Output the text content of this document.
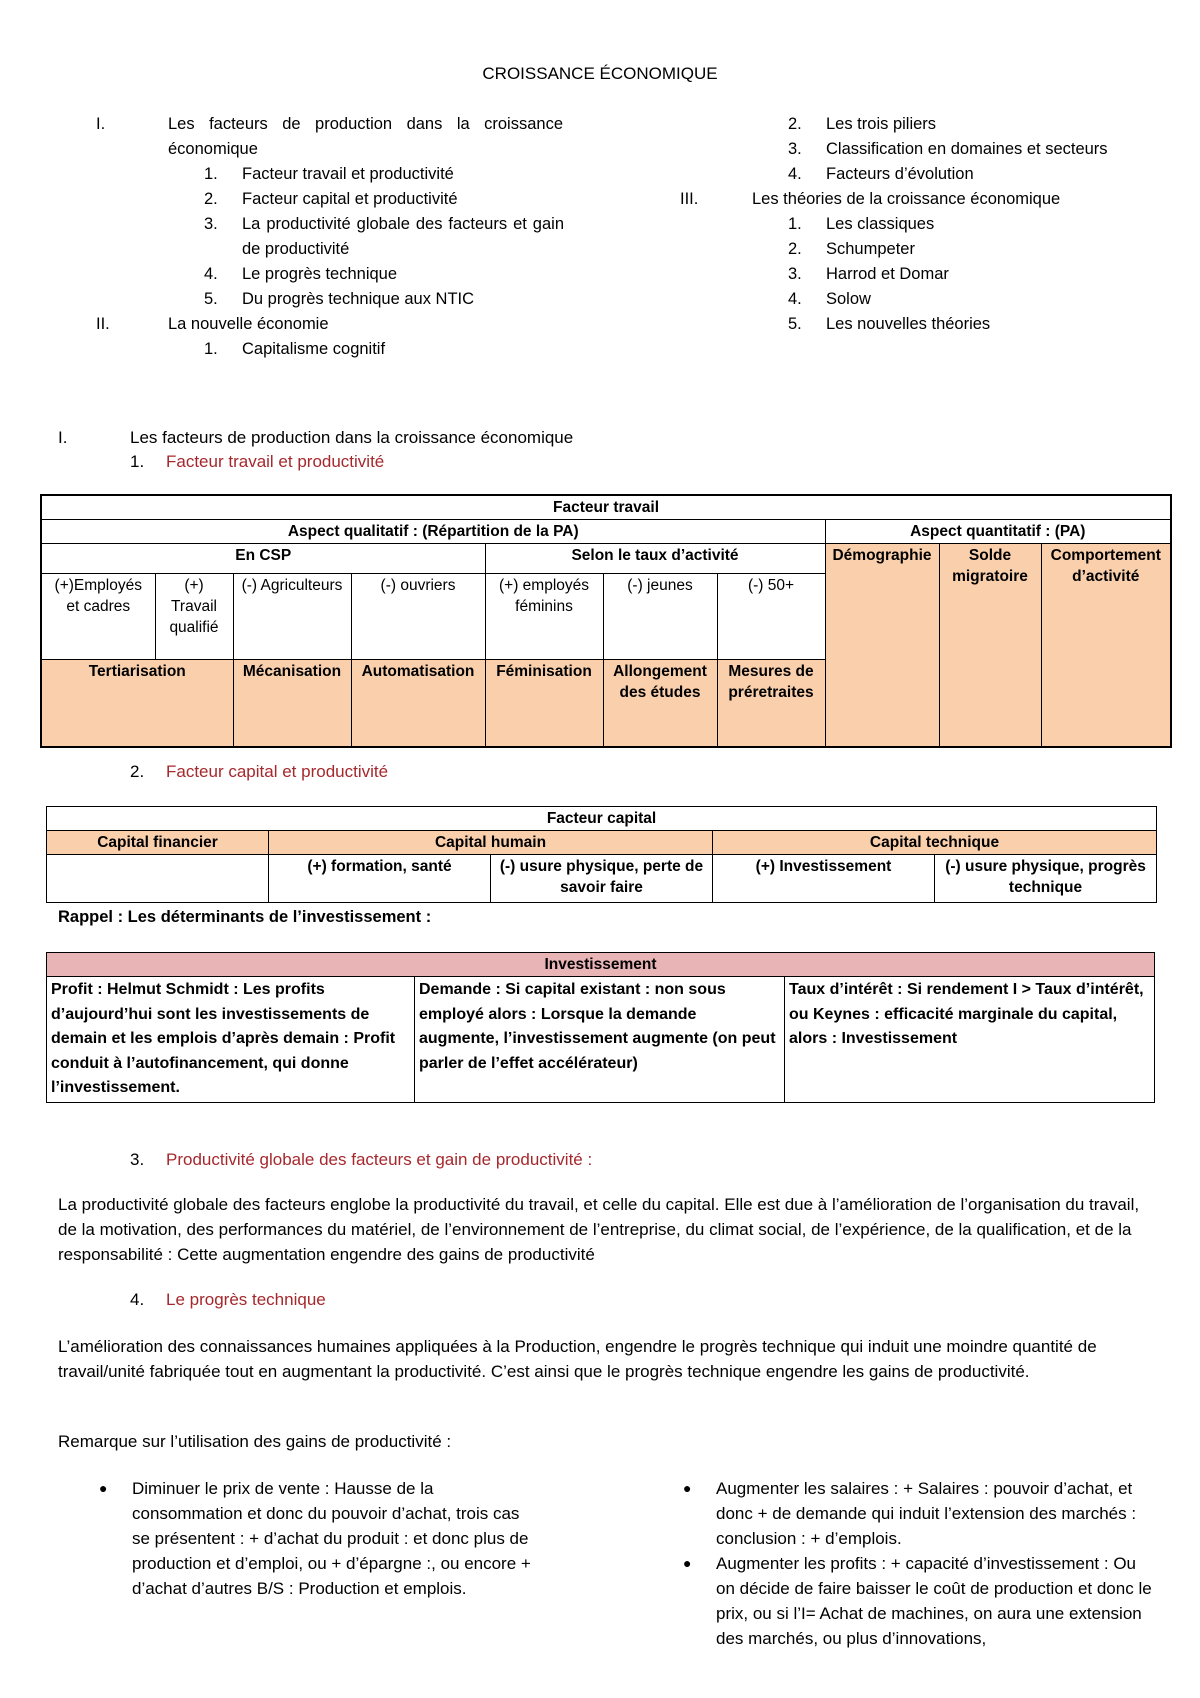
CROISSANCE ÉCONOMIQUE
I.	Les facteurs de production dans la croissance économique
1. Facteur travail et productivité
2. Facteur capital et productivité
3. La productivité globale des facteurs et gain de productivité
4. Le progrès technique
5. Du progrès technique aux NTIC
II.	La nouvelle économie
1. Capitalisme cognitif
2. Les trois piliers
3. Classification en domaines et secteurs
4. Facteurs d’évolution
III.	Les théories de la croissance économique
1. Les classiques
2. Schumpeter
3. Harrod et Domar
4. Solow
5. Les nouvelles théories
I.	Les facteurs de production dans la croissance économique
1. Facteur travail et productivité
Facteur travail									
Aspect qualitatif : (Répartition de la PA)							Aspect quantitatif : (PA)		
En CSP				Selon le taux d’activité			Démographie	Solde migratoire	Comportement d’activité
(+)Employés et cadres	(+) Travail qualifié	(-) Agriculteurs	(-) ouvriers	(+) employés féminins	(-) jeunes	(-) 50+			
Tertiarisation		Mécanisation	Automatisation	Féminisation	Allongement des études	Mesures de préretraites			
2. Facteur capital et productivité
Facteur capital				
Capital financier	Capital humain		Capital technique	
	(+) formation, santé	(-) usure physique, perte de savoir faire	(+) Investissement	(-) usure physique, progrès technique
Rappel : Les déterminants de l’investissement :
Investissement
Profit : Helmut Schmidt : Les profits d’aujourd’hui sont les investissements de demain et les emplois d’après demain : Profit conduit à l’autofinancement, qui donne l’investissement.	Demande : Si capital existant : non sous employé alors : Lorsque la demande augmente, l’investissement augmente (on peut parler de l’effet accélérateur)	Taux d’intérêt : Si rendement I > Taux d’intérêt, ou Keynes : efficacité marginale du capital, alors : Investissement
3. Productivité globale des facteurs et gain de productivité :
La productivité globale des facteurs englobe la productivité du travail, et celle du capital. Elle est due à l’amélioration de l’organisation du travail, de la motivation, des performances du matériel, de l’environnement de l’entreprise, du climat social, de l’expérience, de la qualification, et de la responsabilité : Cette augmentation engendre des gains de productivité
4. Le progrès technique
L’amélioration des connaissances humaines appliquées à la Production, engendre le progrès technique qui induit une moindre quantité de travail/unité fabriquée tout en augmentant la productivité. C’est ainsi que le progrès technique engendre les gains de productivité.
Remarque sur l’utilisation des gains de productivité :
● Diminuer le prix de vente : Hausse de la consommation et donc du pouvoir d’achat, trois cas se présentent : + d’achat du produit : et donc plus de production et d’emploi, ou + d’épargne :, ou encore + d’achat d’autres B/S : Production et emplois.
● Augmenter les salaires : + Salaires : pouvoir d’achat, et donc + de demande qui induit l’extension des marchés : conclusion : + d’emplois.
● Augmenter les profits : + capacité d’investissement : Ou on décide de faire baisser le coût de production et donc le prix, ou si l’I= Achat de machines, on aura une extension des marchés, ou plus d’innovations,
